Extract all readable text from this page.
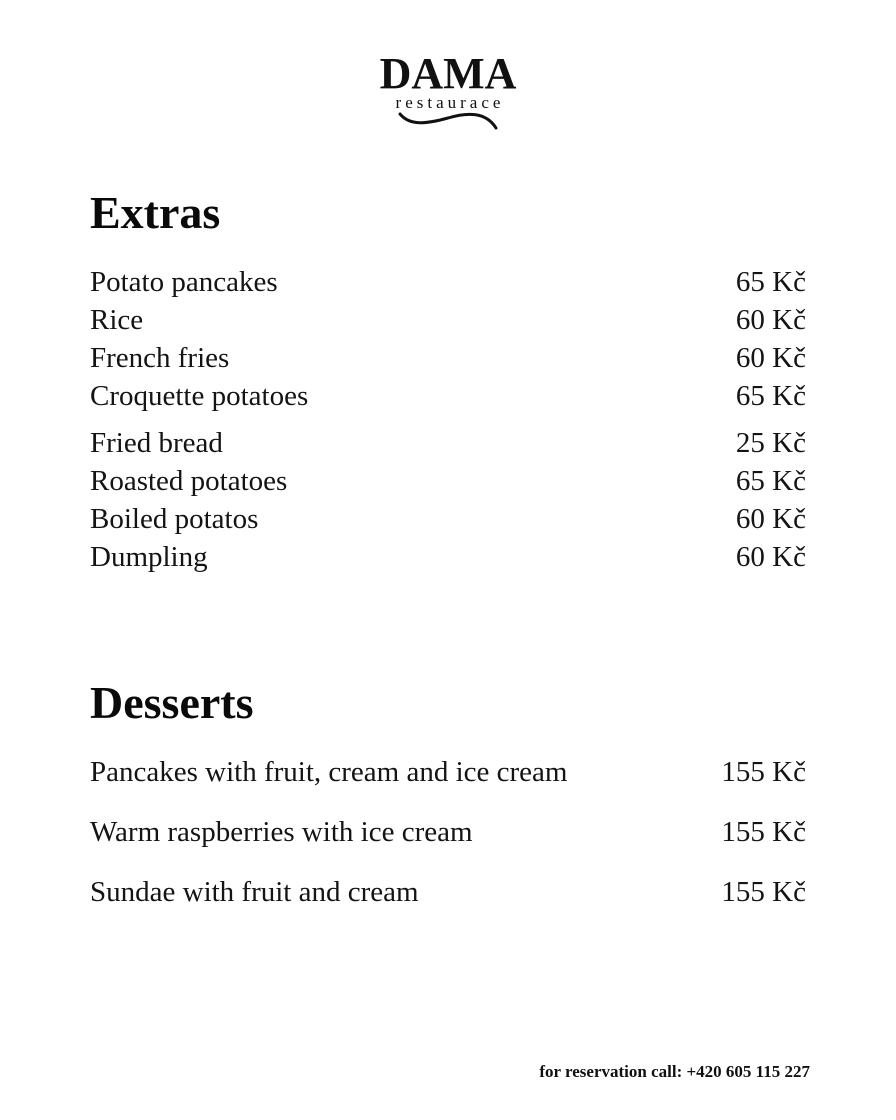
DAMA
restaurace
Extras
Potato pancakes	65 Kč
Rice	60 Kč
French fries	60 Kč
Croquette potatoes	65 Kč
Fried bread	25 Kč
Roasted potatoes	65 Kč
Boiled potatos	60 Kč
Dumpling	60 Kč
Desserts
Pancakes with fruit, cream and ice cream	155 Kč
Warm raspberries with ice cream	155 Kč
Sundae with fruit and cream	155 Kč
for reservation call: +420 605 115 227
